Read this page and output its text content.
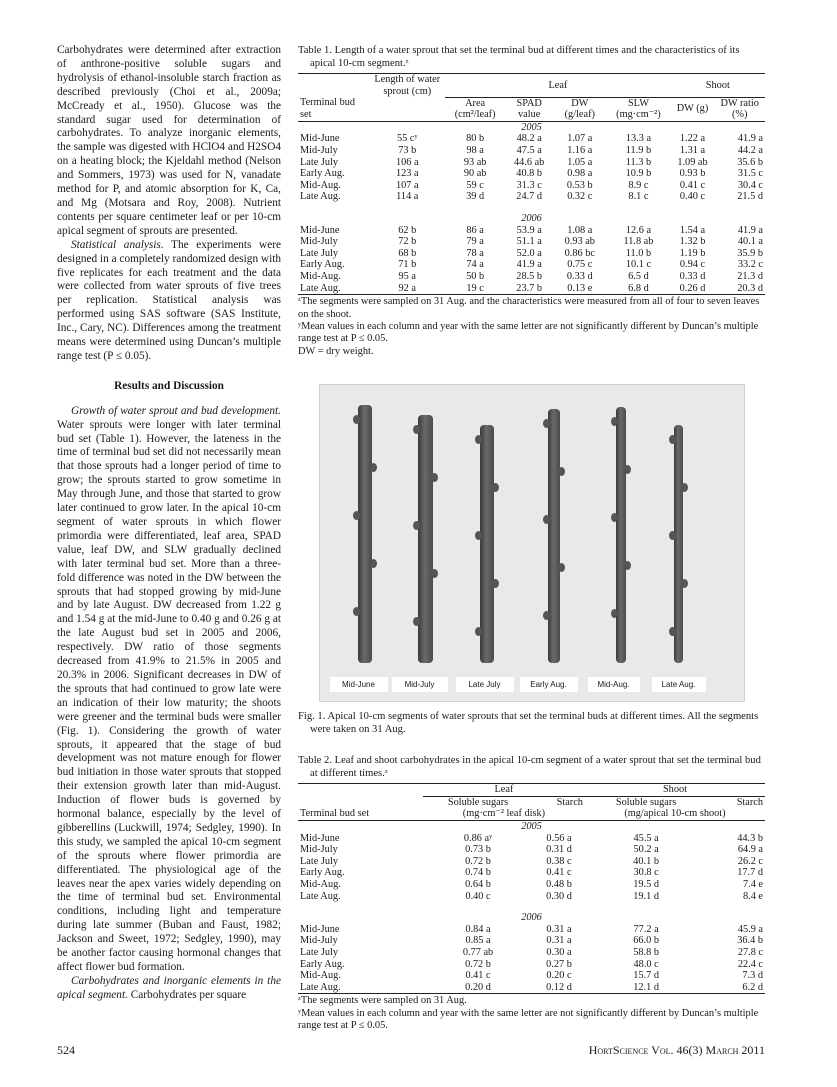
Carbohydrates were determined after extraction of anthrone-positive soluble sugars and hydrolysis of ethanol-insoluble starch fraction as described previously (Choi et al., 2009a; McCready et al., 1950). Glucose was the standard sugar used for determination of carbohydrates. To analyze inorganic elements, the sample was digested with HClO4 and H2SO4 on a heating block; the Kjeldahl method (Nelson and Sommers, 1973) was used for N, vanadate method for P, and atomic absorption for K, Ca, and Mg (Motsara and Roy, 2008). Nutrient contents per square centimeter leaf or per 10-cm apical segment of sprouts are presented.

Statistical analysis. The experiments were designed in a completely randomized design with five replicates for each treatment and the data were collected from water sprouts of five trees per replication. Statistical analysis was performed using SAS software (SAS Institute, Inc., Cary, NC). Differences among the treatment means were determined using Duncan’s multiple range test (P ≤ 0.05).

Results and Discussion

Growth of water sprout and bud development. Water sprouts were longer with later terminal bud set (Table 1). However, the lateness in the time of terminal bud set did not necessarily mean that those sprouts had a longer period of time to grow; the sprouts started to grow sometime in May through June, and those that started to grow later continued to grow later. In the apical 10-cm segment of water sprouts in which flower primordia were differentiated, leaf area, SPAD value, leaf DW, and SLW gradually declined with later terminal bud set. More than a three-fold difference was noted in the DW between the sprouts that had stopped growing by mid-June and by late August. DW decreased from 1.22 g and 1.54 g at the mid-June to 0.40 g and 0.26 g at the late August bud set in 2005 and 2006, respectively. DW ratio of those segments decreased from 41.9% to 21.5% in 2005 and 20.3% in 2006. Significant decreases in DW of the sprouts that had continued to grow late were an indication of their low maturity; the shoots were greener and the terminal buds were smaller (Fig. 1). Considering the growth of water sprouts, it appeared that the stage of bud development was not mature enough for flower bud initiation in those water sprouts that stopped their extension growth later than mid-August. Induction of flower buds is governed by hormonal balance, especially by the level of gibberellins (Luckwill, 1974; Sedgley, 1990). In this study, we sampled the apical 10-cm segment of the sprouts where flower primordia are differentiated. The physiological age of the leaves near the apex varies widely depending on the time of terminal bud set. Environmental conditions, including light and temperature during late summer (Buban and Faust, 1982; Jackson and Sweet, 1972; Sedgley, 1990), may be another factor causing hormonal changes that affect flower bud formation.

Carbohydrates and inorganic elements in the apical segment. Carbohydrates per square

Table 1. Length of a water sprout that set the terminal bud at different times and the characteristics of its apical 10-cm segment.ᶻ
	Length of water sprout (cm)	Leaf				Shoot	
Terminal bud set		Area (cm²/leaf)	SPAD value	DW (g/leaf)	SLW (mg·cm⁻²)	DW (g)	DW ratio (%)
2005							
Mid-June	55 cʸ	80 b	48.2 a	1.07 a	13.3 a	1.22 a	41.9 a
Mid-July	73 b	98 a	47.5 a	1.16 a	11.9 b	1.31 a	44.2 a
Late July	106 a	93 ab	44.6 ab	1.05 a	11.3 b	1.09 ab	35.6 b
Early Aug.	123 a	90 ab	40.8 b	0.98 a	10.9 b	0.93 b	31.5 c
Mid-Aug.	107 a	59 c	31.3 c	0.53 b	8.9 c	0.41 c	30.4 c
Late Aug.	114 a	39 d	24.7 d	0.32 c	8.1 c	0.40 c	21.5 d

2006							
Mid-June	62 b	86 a	53.9 a	1.08 a	12.6 a	1.54 a	41.9 a
Mid-July	72 b	79 a	51.1 a	0.93 ab	11.8 ab	1.32 b	40.1 a
Late July	68 b	78 a	52.0 a	0.86 bc	11.0 b	1.19 b	35.9 b
Early Aug.	71 b	74 a	41.9 a	0.75 c	10.1 c	0.94 c	33.2 c
Mid-Aug.	95 a	50 b	28.5 b	0.33 d	6.5 d	0.33 d	21.3 d
Late Aug.	92 a	19 c	23.7 b	0.13 e	6.8 d	0.26 d	20.3 d
ᶻThe segments were sampled on 31 Aug. and the characteristics were measured from all of four to seven leaves on the shoot.
ʸMean values in each column and year with the same letter are not significantly different by Duncan’s multiple range test at P ≤ 0.05.
DW = dry weight.
Mid-June	Mid-July	Late July	Early Aug.	Mid-Aug.	Late Aug.
Fig. 1. Apical 10-cm segments of water sprouts that set the terminal buds at different times. All the segments were taken on 31 Aug.
Table 2. Leaf and shoot carbohydrates in the apical 10-cm segment of a water sprout that set the terminal bud at different times.ᶻ
	Leaf		Shoot	
	Soluble sugars	Starch	Soluble sugars	Starch
Terminal bud set	(mg·cm⁻² leaf disk)		(mg/apical 10-cm shoot)	
2005				
Mid-June	0.86 aʸ	0.56 a	45.5 a	44.3 b
Mid-July	0.73 b	0.31 d	50.2 a	64.9 a
Late July	0.72 b	0.38 c	40.1 b	26.2 c
Early Aug.	0.74 b	0.41 c	30.8 c	17.7 d
Mid-Aug.	0.64 b	0.48 b	19.5 d	7.4 e
Late Aug.	0.40 c	0.30 d	19.1 d	8.4 e

2006				
Mid-June	0.84 a	0.31 a	77.2 a	45.9 a
Mid-July	0.85 a	0.31 a	66.0 b	36.4 b
Late July	0.77 ab	0.30 a	58.8 b	27.8 c
Early Aug.	0.72 b	0.27 b	48.0 c	22.4 c
Mid-Aug.	0.41 c	0.20 c	15.7 d	7.3 d
Late Aug.	0.20 d	0.12 d	12.1 d	6.2 d
ᶻThe segments were sampled on 31 Aug.
ʸMean values in each column and year with the same letter are not significantly different by Duncan’s multiple range test at P ≤ 0.05.
524	HortScience Vol. 46(3) March 2011
